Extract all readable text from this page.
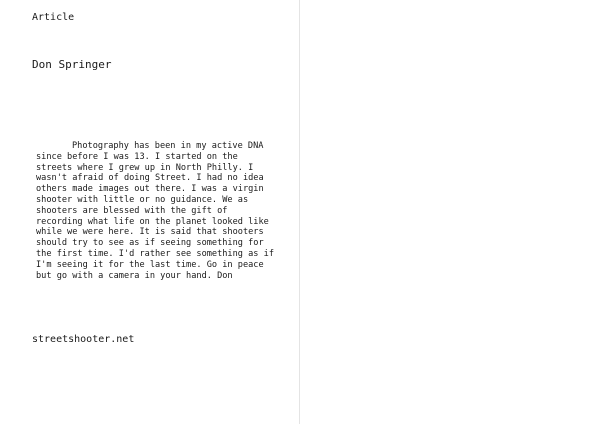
Article
Don Springer

Photography has been in my active DNA since before I was 13. I started on the streets where I grew up in North Philly. I wasn't afraid of doing Street. I had no idea others made images out there. I was a virgin shooter with little or no guidance. We as shooters are blessed with the gift of recording what life on the planet looked like while we were here. It is said that shooters should try to see as if seeing something for the first time. I'd rather see something as if I'm seeing it for the last time. Go in peace but go with a camera in your hand. Don

streetshooter.net
